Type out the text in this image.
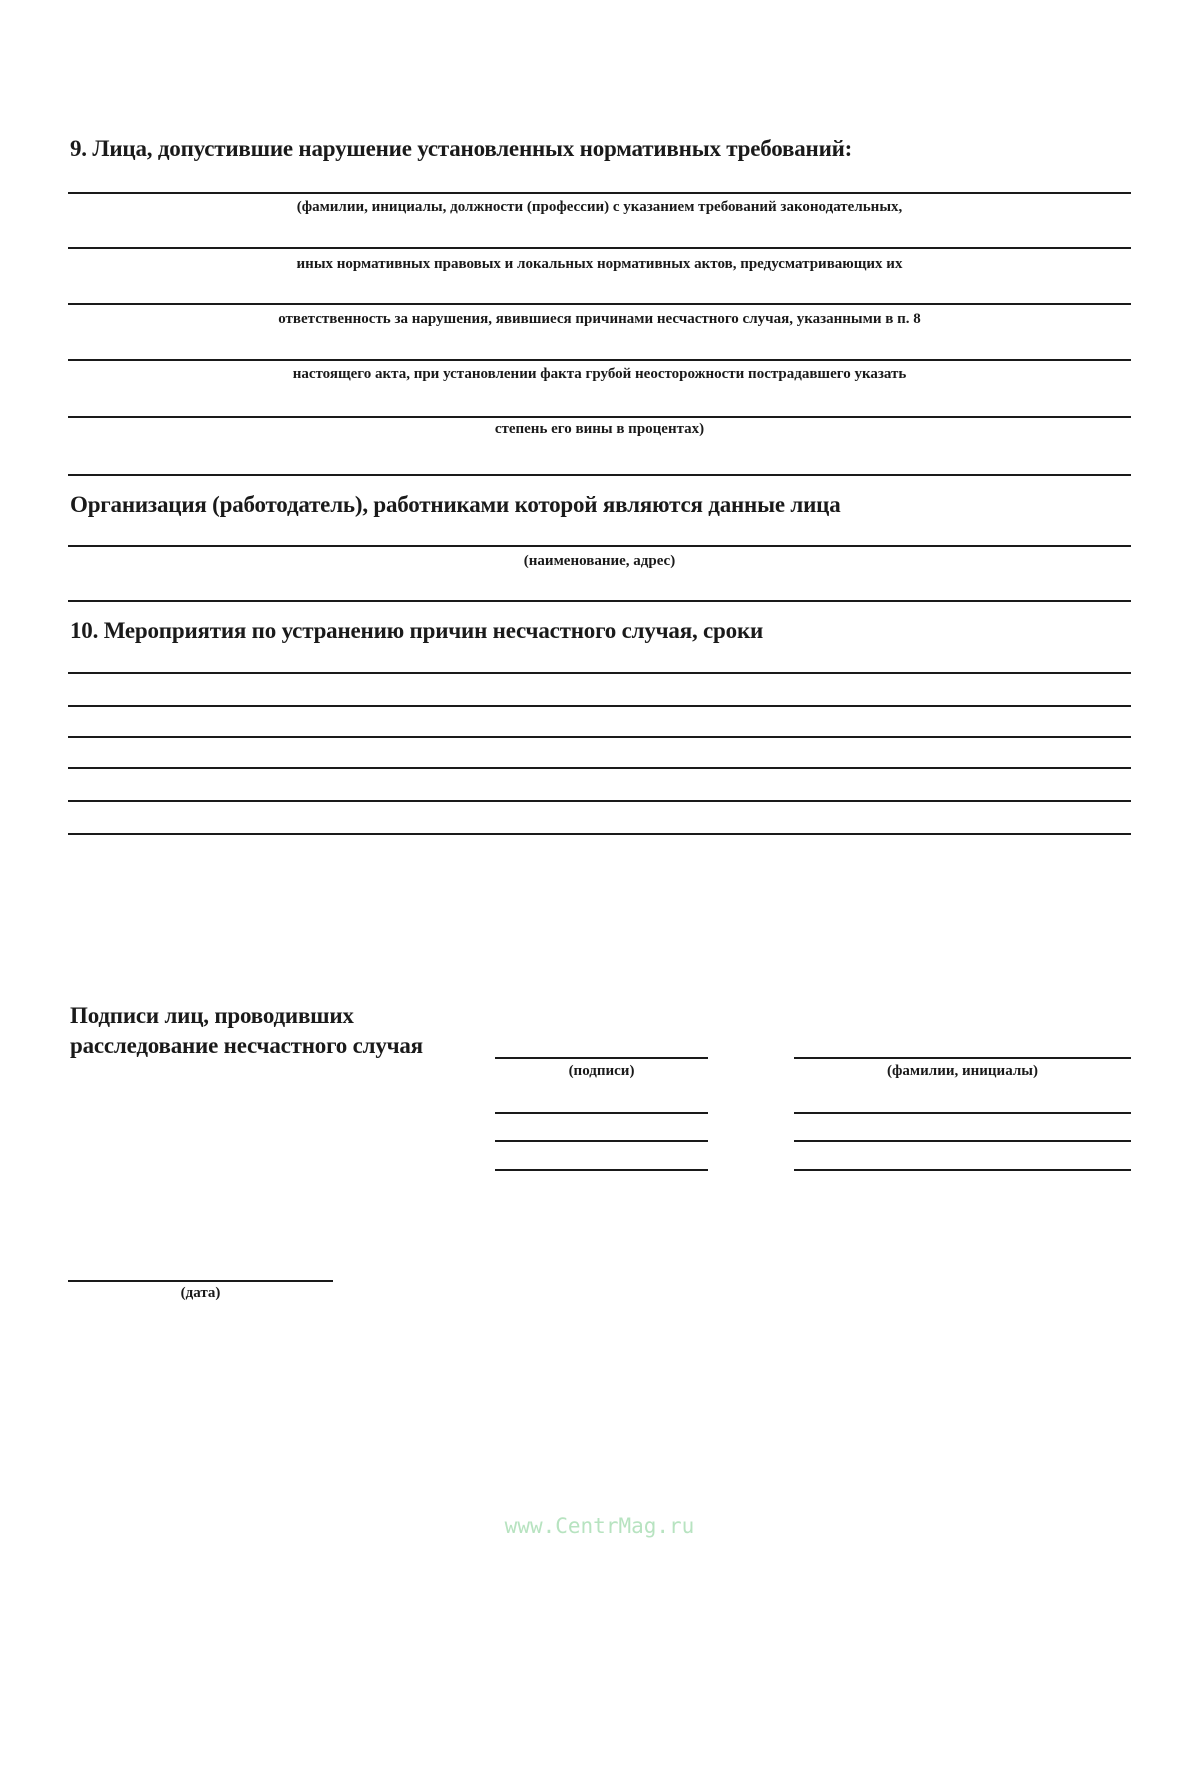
9. Лица, допустившие нарушение установленных нормативных требований:
(фамилии, инициалы, должности (профессии) с указанием требований законодательных,
иных нормативных правовых и локальных нормативных актов, предусматривающих их
ответственность за нарушения, явившиеся причинами несчастного случая, указанными в п. 8
настоящего акта, при установлении факта грубой неосторожности пострадавшего указать
степень его вины в процентах)
Организация (работодатель), работниками которой являются данные лица
(наименование, адрес)
10. Мероприятия по устранению причин несчастного случая, сроки
Подписи лиц, проводивших
расследование несчастного случая
(подписи)	(фамилии, инициалы)
(дата)
www.CentrMag.ru
